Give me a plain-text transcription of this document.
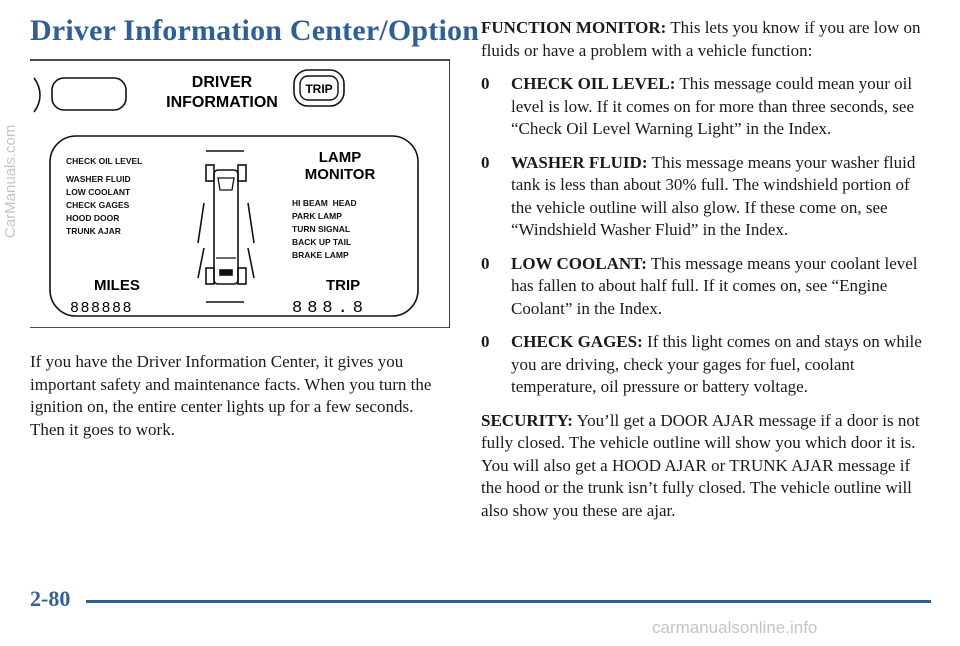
Driver Information Center/Option
DRIVER
INFORMATION
TRIP
CHECK OIL LEVEL
WASHER FLUID
LOW COOLANT
CHECK GAGES
HOOD DOOR
TRUNK AJAR
LAMP
MONITOR
HI BEAM  HEAD
PARK LAMP
TURN SIGNAL
BACK UP TAIL
BRAKE LAMP
MILES
888888
TRIP
888.8

If you have the Driver Information Center, it gives you important safety and maintenance facts. When you turn the ignition on, the entire center lights up for a few seconds. Then it goes to work.

FUNCTION MONITOR: This lets you know if you are low on fluids or have a problem with a vehicle function:

0 CHECK OIL LEVEL: This message could mean your oil level is low. If it comes on for more than three seconds, see “Check Oil Level Warning Light” in the Index.
0 WASHER FLUID: This message means your washer fluid tank is less than about 30% full. The windshield portion of the vehicle outline will also glow. If these come on, see “Windshield Washer Fluid” in the Index.
0 LOW COOLANT: This message means your coolant level has fallen to about half full. If it comes on, see “Engine Coolant” in the Index.
0 CHECK GAGES: If this light comes on and stays on while you are driving, check your gages for fuel, coolant temperature, oil pressure or battery voltage.

SECURITY: You’ll get a DOOR AJAR message if a door is not fully closed. The vehicle outline will show you which door it is. You will also get a HOOD AJAR or TRUNK AJAR message if the hood or the trunk isn’t fully closed. The vehicle outline will also show you these are ajar.

2-80
CarManuals.com
carmanualsonline.info
